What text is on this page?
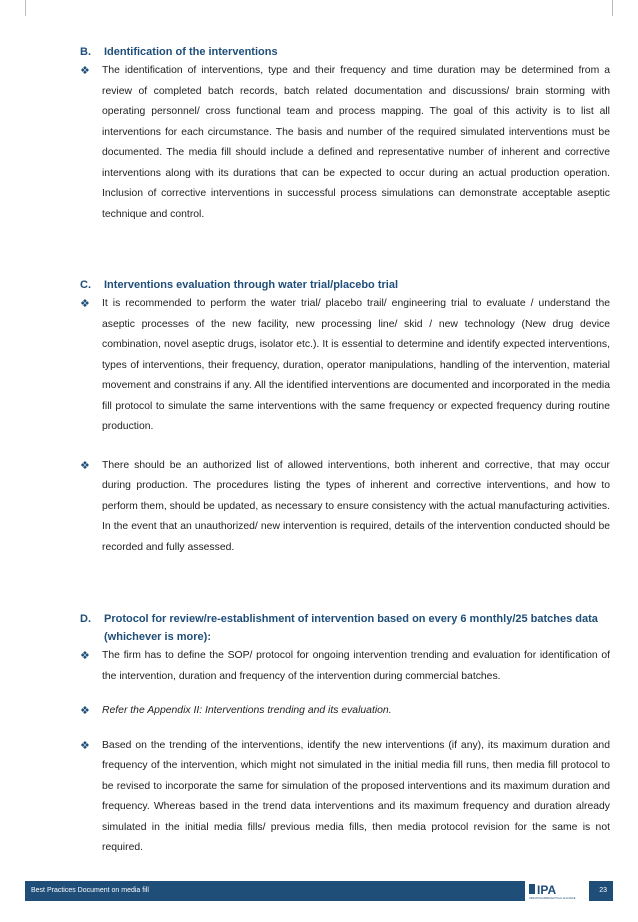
B. Identification of the interventions
❖	The identification of interventions, type and their frequency and time duration may be determined from a review of completed batch records, batch related documentation and discussions/ brain storming with operating personnel/ cross functional team and process mapping. The goal of this activity is to list all interventions for each circumstance. The basis and number of the required simulated interventions must be documented. The media fill should include a defined and representative number of inherent and corrective interventions along with its durations that can be expected to occur during an actual production operation. Inclusion of corrective interventions in successful process simulations can demonstrate acceptable aseptic technique and control.
C. Interventions evaluation through water trial/placebo trial
❖	It is recommended to perform the water trial/ placebo trail/ engineering trial to evaluate / understand the aseptic processes of the new facility, new processing line/ skid / new technology (New drug device combination, novel aseptic drugs, isolator etc.). It is essential to determine and identify expected interventions, types of interventions, their frequency, duration, operator manipulations, handling of the intervention, material movement and constrains if any. All the identified interventions are documented and incorporated in the media fill protocol to simulate the same interventions with the same frequency or expected frequency during routine production.
❖	There should be an authorized list of allowed interventions, both inherent and corrective, that may occur during production. The procedures listing the types of inherent and corrective interventions, and how to perform them, should be updated, as necessary to ensure consistency with the actual manufacturing activities. In the event that an unauthorized/ new intervention is required, details of the intervention conducted should be recorded and fully assessed.
D.	Protocol for review/re-establishment of intervention based on every 6 monthly/25 batches data (whichever is more):
❖	The firm has to define the SOP/ protocol for ongoing intervention trending and evaluation for identification of the intervention, duration and frequency of the intervention during commercial batches.
❖	Refer the Appendix II: Interventions trending and its evaluation.
❖	Based on the trending of the interventions, identify the new interventions (if any), its maximum duration and frequency of the intervention, which might not simulated in the initial media fill runs, then media fill protocol to be revised to incorporate the same for simulation of the proposed interventions and its maximum duration and frequency. Whereas based in the trend data interventions and its maximum frequency and duration already simulated in the initial media fills/ previous media fills, then media protocol revision for the same is not required.
Best Practices Document on media fill	IPA
INDIAN PHARMACEUTICAL ALLIANCE
23
